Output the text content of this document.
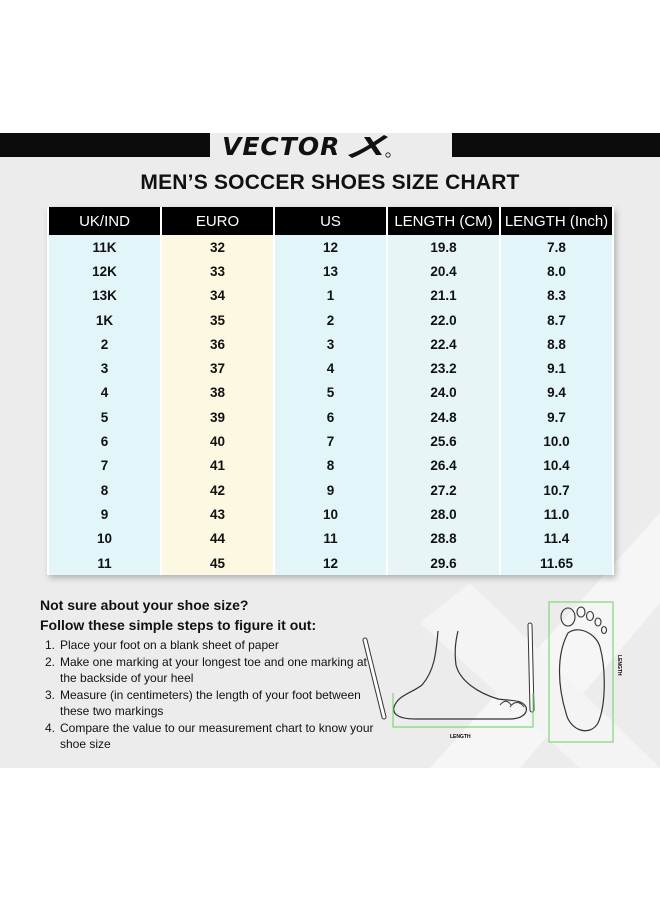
VECTOR
MEN’S SOCCER SHOES SIZE CHART
UK/IND	EURO	US	LENGTH (CM)	LENGTH (Inch)
11K	32	12	19.8	7.8
12K	33	13	20.4	8.0
13K	34	1	21.1	8.3
1K	35	2	22.0	8.7
2	36	3	22.4	8.8
3	37	4	23.2	9.1
4	38	5	24.0	9.4
5	39	6	24.8	9.7
6	40	7	25.6	10.0
7	41	8	26.4	10.4
8	42	9	27.2	10.7
9	43	10	28.0	11.0
10	44	11	28.8	11.4
11	45	12	29.6	11.65
Not sure about your shoe size?
Follow these simple steps to figure it out:
1. Place your foot on a blank sheet of paper
2. Make one marking at your longest toe and one marking at the backside of your heel
3. Measure (in centimeters) the length of your foot between these two markings
4. Compare the value to our measurement chart to know your shoe size	LENGTH
LENGTH
